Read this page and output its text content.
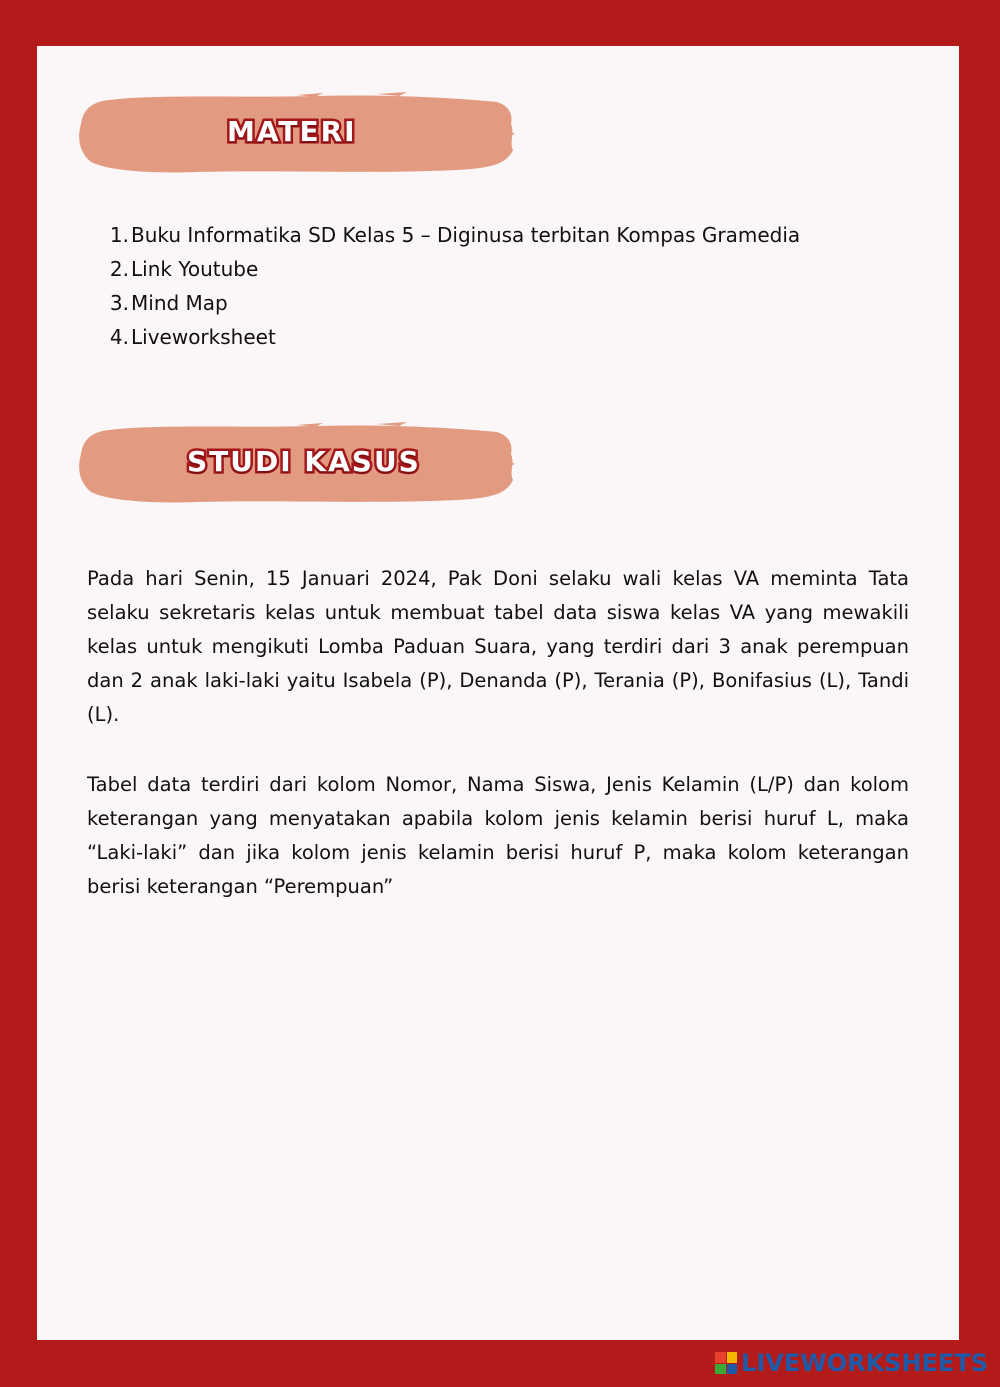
MATERI
1. Buku Informatika SD Kelas 5 – Diginusa terbitan Kompas Gramedia
2. Link Youtube
3. Mind Map
4. Liveworksheet
STUDI KASUS

Pada hari Senin, 15 Januari 2024, Pak Doni selaku wali kelas VA meminta Tata selaku sekretaris kelas untuk membuat tabel data siswa kelas VA yang mewakili kelas untuk mengikuti Lomba Paduan Suara, yang terdiri dari 3 anak perempuan dan 2 anak laki-laki yaitu Isabela (P), Denanda (P), Terania (P), Bonifasius (L), Tandi (L).

Tabel data terdiri dari kolom Nomor, Nama Siswa, Jenis Kelamin (L/P) dan kolom keterangan yang menyatakan apabila kolom jenis kelamin berisi huruf L, maka “Laki-laki” dan jika kolom jenis kelamin berisi huruf P, maka kolom keterangan berisi keterangan “Perempuan”

LIVEWORKSHEETS
